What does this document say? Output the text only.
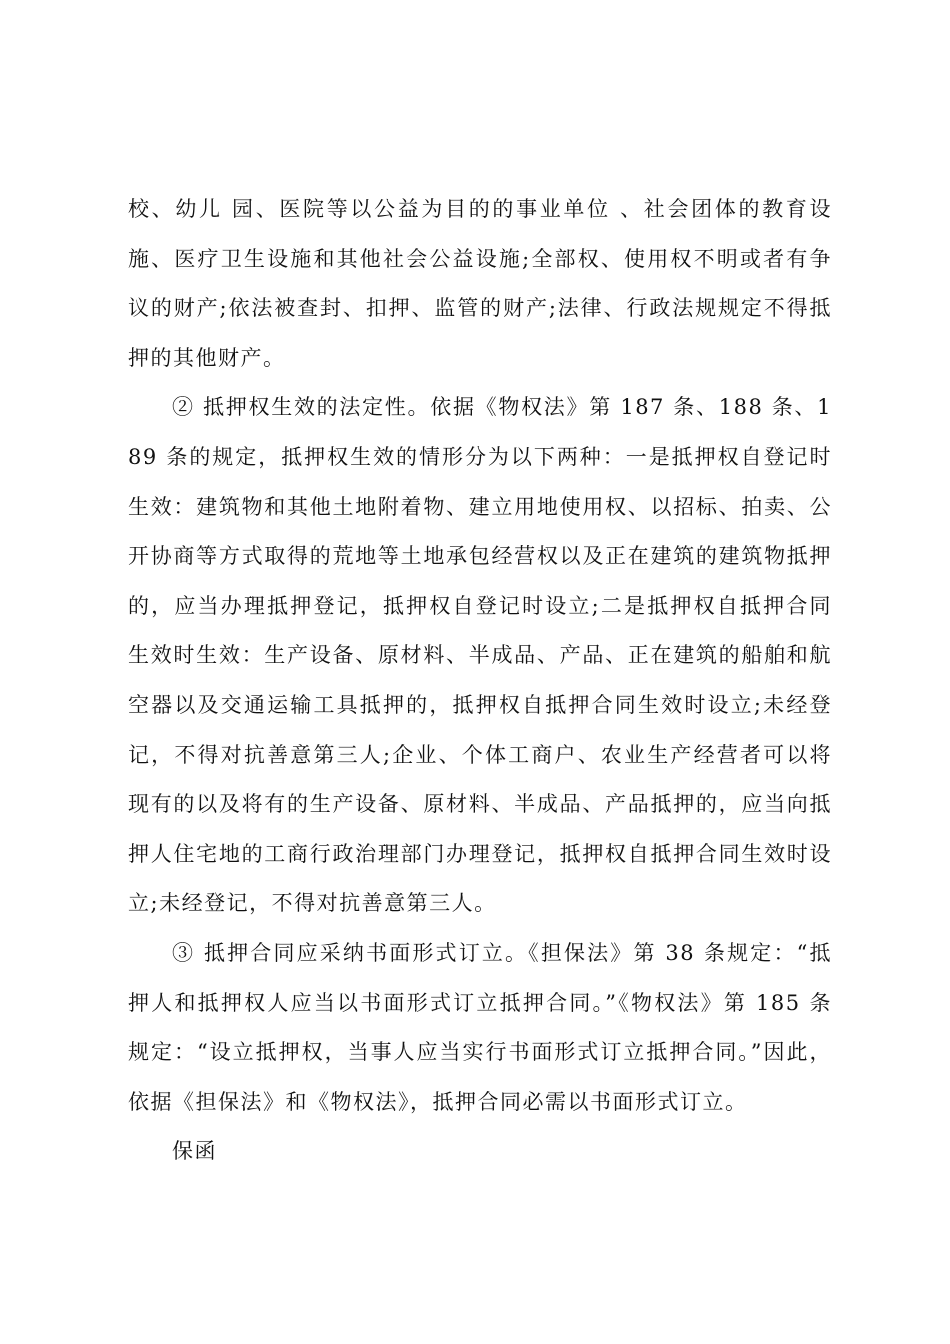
校、幼儿 园、医院等以公益为目的的事业单位 、社会团体的教育设施、医疗卫生设施和其他社会公益设施;全部权、使用权不明或者有争议的财产;依法被查封、扣押、监管的财产;法律、行政法规规定不得抵押的其他财产。

② 抵押权生效的法定性。依据《物权法》第 187 条、188 条、189 条的规定，抵押权生效的情形分为以下两种：一是抵押权自登记时生效：建筑物和其他土地附着物、建立用地使用权、以招标、拍卖、公开协商等方式取得的荒地等土地承包经营权以及正在建筑的建筑物抵押的，应当办理抵押登记，抵押权自登记时设立;二是抵押权自抵押合同生效时生效：生产设备、原材料、半成品、产品、正在建筑的船舶和航空器以及交通运输工具抵押的，抵押权自抵押合同生效时设立;未经登记，不得对抗善意第三人;企业、个体工商户、农业生产经营者可以将现有的以及将有的生产设备、原材料、半成品、产品抵押的，应当向抵押人住宅地的工商行政治理部门办理登记，抵押权自抵押合同生效时设立;未经登记，不得对抗善意第三人。

③ 抵押合同应采纳书面形式订立。《担保法》第 38 条规定：“抵押人和抵押权人应当以书面形式订立抵押合同。”《物权法》第 185 条规定：“设立抵押权，当事人应当实行书面形式订立抵押合同。”因此，依据《担保法》和《物权法》，抵押合同必需以书面形式订立。

保函
